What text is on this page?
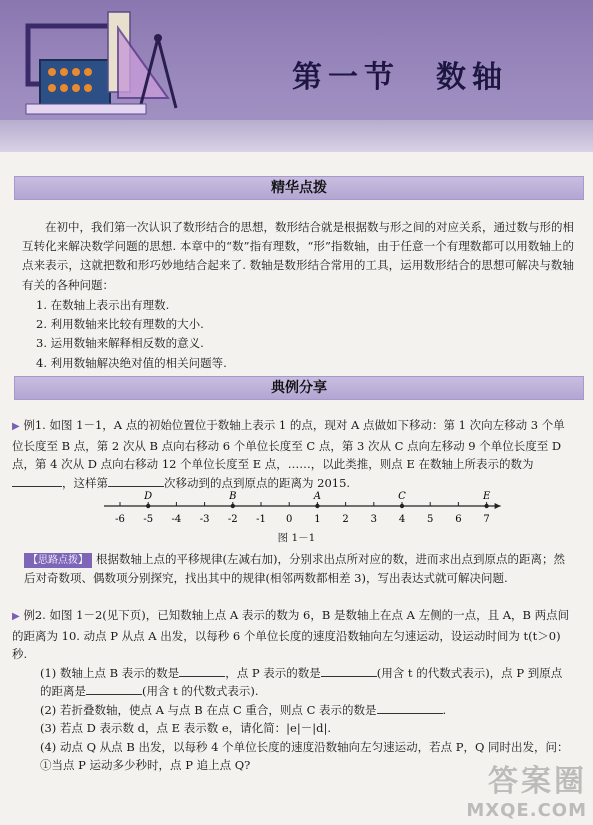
第一节　数轴
精华点拨

在初中，我们第一次认识了数形结合的思想，数形结合就是根据数与形之间的对应关系，通过数与形的相互转化来解决数学问题的思想. 本章中的“数”指有理数，“形”指数轴，由于任意一个有理数都可以用数轴上的点来表示，这就把数和形巧妙地结合起来了. 数轴是数形结合常用的工具，运用数形结合的思想可解决与数轴有关的各种问题：

1. 在数轴上表示出有理数.
2. 利用数轴来比较有理数的大小.
3. 运用数轴来解释相反数的意义.
4. 利用数轴解决绝对值的相关问题等.
典例分享
▶ 例1. 如图 1－1，A 点的初始位置位于数轴上表示 1 的点，现对 A 点做如下移动：第 1 次向左移动 3 个单位长度至 B 点，第 2 次从 B 点向右移动 6 个单位长度至 C 点，第 3 次从 C 点向左移动 9 个单位长度至 D 点，第 4 次从 D 点向右移动 12 个单位长度至 E 点，……，以此类推，则点 E 在数轴上所表示的数为，这样第	次移动到的点到原点的距离为 2015.
-6 -5 -4 -3 -2 -1 0 1 2 3 4 5 6 7
D	B	A	C	E
图 1－1
【思路点拨】 根据数轴上点的平移规律(左减右加)，分别求出点所对应的数，进而求出点到原点的距离；然后对奇数项、偶数项分别探究，找出其中的规律(相邻两数都相差 3)，写出表达式就可解决问题.
▶ 例2. 如图 1－2(见下页)，已知数轴上点 A 表示的数为 6，B 是数轴上在点 A 左侧的一点，且 A，B 两点间的距离为 10. 动点 P 从点 A 出发，以每秒 6 个单位长度的速度沿数轴向左匀速运动，设运动时间为 t(t＞0) 秒.
(1) 数轴上点 B 表示的数是	，点 P 表示的数是	(用含 t 的代数式表示)，点 P 到原点的距离是	(用含 t 的代数式表示).
(2) 若折叠数轴，使点 A 与点 B 在点 C 重合，则点 C 表示的数是	.
(3) 若点 D 表示数 d，点 E 表示数 e，请化简：|e|－|d|.
(4) 动点 Q 从点 B 出发，以每秒 4 个单位长度的速度沿数轴向左匀速运动，若点 P，Q 同时出发，问：
①当点 P 运动多少秒时，点 P 追上点 Q?	答案圈
MXQE.COM
